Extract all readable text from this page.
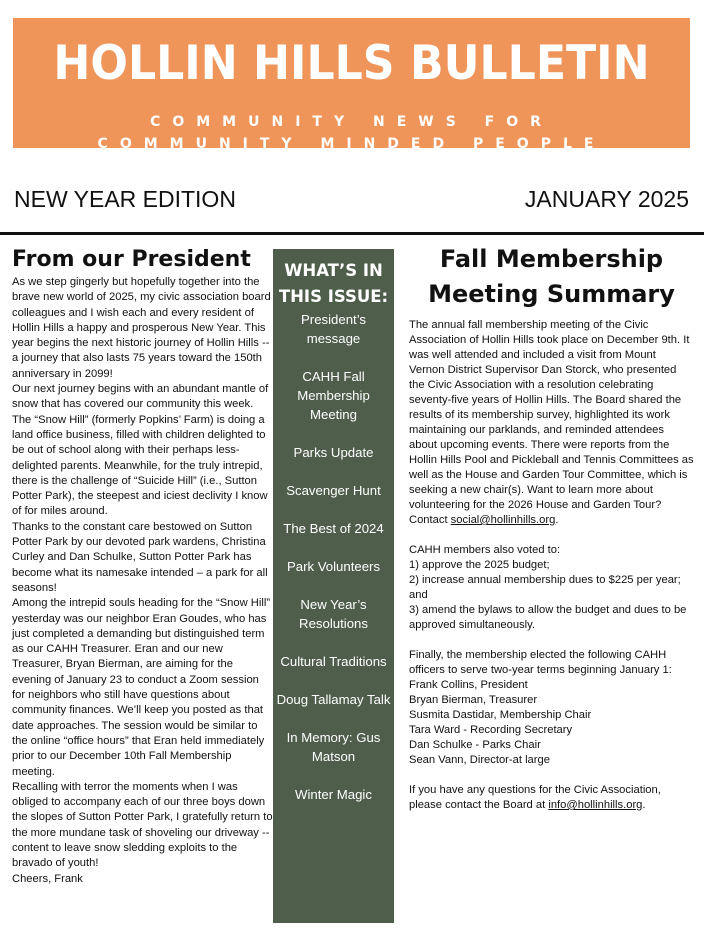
HOLLIN HILLS BULLETIN
COMMUNITY NEWS FOR
COMMUNITY MINDED PEOPLE
NEW YEAR EDITION	JANUARY 2025
From our President

As we step gingerly but hopefully together into the brave new world of 2025, my civic association board colleagues and I wish each and every resident of Hollin Hills a happy and prosperous New Year. This year begins the next historic journey of Hollin Hills -- a journey that also lasts 75 years toward the 150th anniversary in 2099!

Our next journey begins with an abundant mantle of snow that has covered our community this week. The “Snow Hill” (formerly Popkins’ Farm) is doing a land office business, filled with children delighted to be out of school along with their perhaps less-delighted parents. Meanwhile, for the truly intrepid, there is the challenge of “Suicide Hill” (i.e., Sutton Potter Park), the steepest and iciest declivity I know of for miles around.

Thanks to the constant care bestowed on Sutton Potter Park by our devoted park wardens, Christina Curley and Dan Schulke, Sutton Potter Park has become what its namesake intended – a park for all seasons!

Among the intrepid souls heading for the “Snow Hill” yesterday was our neighbor Eran Goudes, who has just completed a demanding but distinguished term as our CAHH Treasurer. Eran and our new Treasurer, Bryan Bierman, are aiming for the evening of January 23 to conduct a Zoom session for neighbors who still have questions about community finances. We’ll keep you posted as that date approaches. The session would be similar to the online “office hours” that Eran held immediately prior to our December 10th Fall Membership meeting.

Recalling with terror the moments when I was obliged to accompany each of our three boys down the slopes of Sutton Potter Park, I gratefully return to the more mundane task of shoveling our driveway -- content to leave snow sledding exploits to the bravado of youth!

Cheers, Frank

WHAT’S IN THIS ISSUE:
President’s message
CAHH Fall Membership Meeting
Parks Update
Scavenger Hunt
The Best of 2024
Park Volunteers
New Year’s Resolutions
Cultural Traditions
Doug Tallamay Talk
In Memory: Gus Matson
Winter Magic
Fall Membership Meeting Summary

The annual fall membership meeting of the Civic Association of Hollin Hills took place on December 9th. It was well attended and included a visit from Mount Vernon District Supervisor Dan Storck, who presented the Civic Association with a resolution celebrating seventy-five years of Hollin Hills. The Board shared the results of its membership survey, highlighted its work maintaining our parklands, and reminded attendees about upcoming events. There were reports from the Hollin Hills Pool and Pickleball and Tennis Committees as well as the House and Garden Tour Committee, which is seeking a new chair(s). Want to learn more about volunteering for the 2026 House and Garden Tour? Contact social@hollinhills.org.

CAHH members also voted to:

1) approve the 2025 budget;

2) increase annual membership dues to $225 per year; and

3) amend the bylaws to allow the budget and dues to be approved simultaneously.

Finally, the membership elected the following CAHH officers to serve two-year terms beginning January 1:

Frank Collins, President

Bryan Bierman, Treasurer

Susmita Dastidar, Membership Chair

Tara Ward - Recording Secretary

Dan Schulke - Parks Chair

Sean Vann, Director-at large

If you have any questions for the Civic Association, please contact the Board at info@hollinhills.org.
